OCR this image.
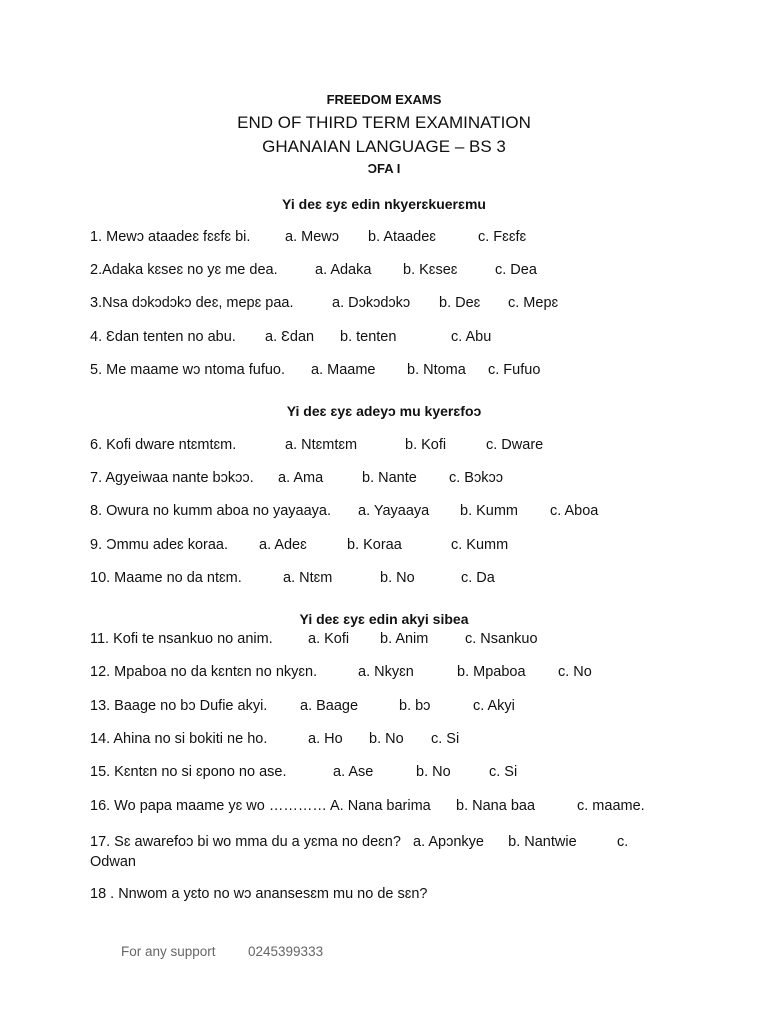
FREEDOM EXAMS
END OF THIRD TERM EXAMINATION
GHANAIAN LANGUAGE – BS 3
ƆFA I
Yi deɛ ɛyɛ edin nkyerɛkuerɛmu
1. Mewɔ ataadeɛ fɛɛfɛ bi. a. Mewɔ b. Ataadeɛ	c. Fɛɛfɛ
2.Adaka kɛseɛ no yɛ me dea.	a. Adaka b. Kɛseɛ	c. Dea
3.Nsa dɔkɔdɔkɔ deɛ, mepɛ paa.	a. Dɔkɔdɔkɔ b. Deɛ c. Mepɛ
4. Ɛdan tenten no abu. a. Ɛdan b. tenten	c. Abu
5. Me maame wɔ ntoma fufuo. a. Maame b. Ntoma c. Fufuo
Yi deɛ ɛyɛ adeyɔ mu kyerɛfoɔ
6. Kofi dware ntɛmtɛm.	a. Ntɛmtɛm	b. Kofi	c. Dware
7. Agyeiwaa nante bɔkɔɔ. a. Ama	b. Nante c. Bɔkɔɔ
8. Owura no kumm aboa no yayaaya. a. Yayaaya b. Kumm c. Aboa
9. Ɔmmu adeɛ koraa. a. Adeɛ	b. Koraa	c. Kumm
10. Maame no da ntɛm.	a. Ntɛm	b. No	c. Da
Yi deɛ ɛyɛ edin akyi sibea
11. Kofi te nsankuo no anim. a. Kofi b. Anim	c. Nsankuo
12. Mpaboa no da kɛntɛn no nkyɛn.	a. Nkyɛn	b. Mpaboa c. No
13. Baage no bɔ Dufie akyi. a. Baage	b. bɔ	c. Akyi
14. Ahina no si bokiti ne ho.	a. Ho b. No c. Si
15. Kɛntɛn no si ɛpono no ase.	a. Ase	b. No	c. Si
16. Wo papa maame yɛ wo ………… A. Nana barima b. Nana baa	c. maame.
17. Sɛ awarefoɔ bi wo mma du a yɛma no deɛn? a. Apɔnkye b. Nantwie	c. Odwan
18 . Nnwom a yɛto no wɔ anansesɛm mu no de sɛn?
For any support 0245399333
